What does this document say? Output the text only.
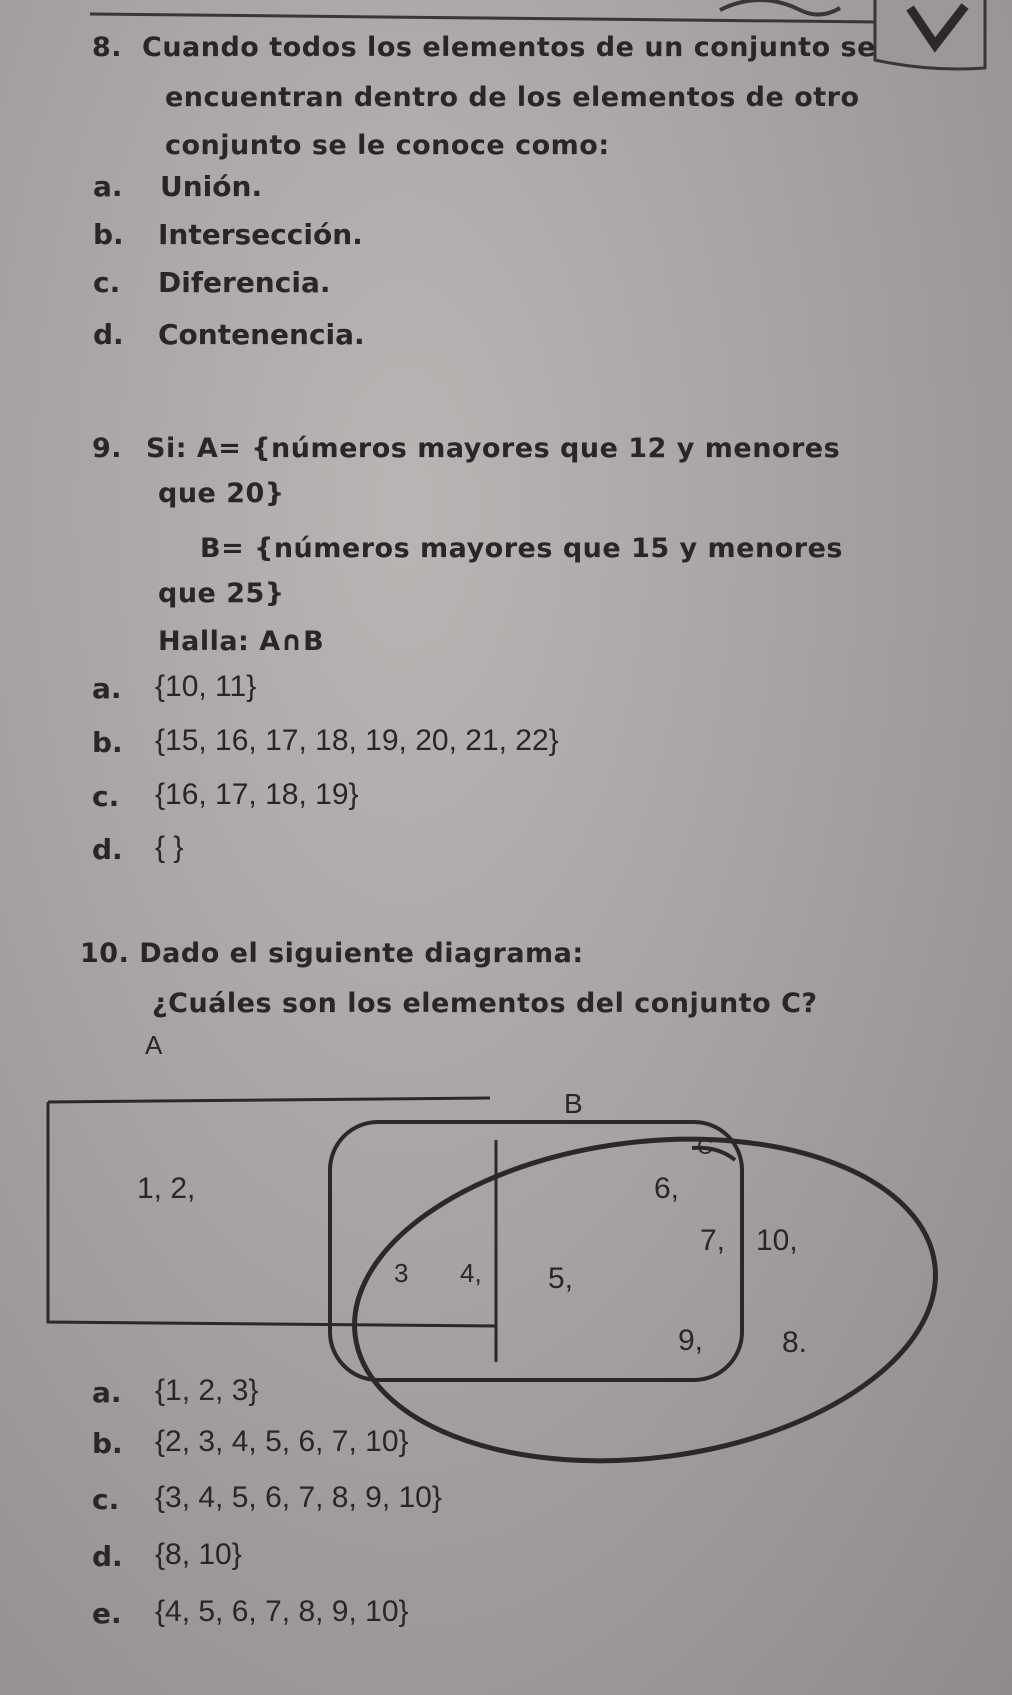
8. Cuando todos los elementos de un conjunto se
encuentran dentro de los elementos de otro
conjunto se le conoce como:
a. Unión.
b. Intersección.
c. Diferencia.
d. Contenencia.
9. Si: A= {números mayores que 12 y menores
que 20}
B= {números mayores que 15 y menores
que 25}
Halla: A∩B
a. {10, 11}
b. {15, 16, 17, 18, 19, 20, 21, 22}
c. {16, 17, 18, 19}
d. { }
10. Dado el siguiente diagrama:
¿Cuáles son los elementos del conjunto C?
A
B
C
1, 2,
3 4, 5,
6,
7,
9,
10,
8.
a. {1, 2, 3}
b. {2, 3, 4, 5, 6, 7, 10}
c. {3, 4, 5, 6, 7, 8, 9, 10}
d. {8, 10}
e. {4, 5, 6, 7, 8, 9, 10}
